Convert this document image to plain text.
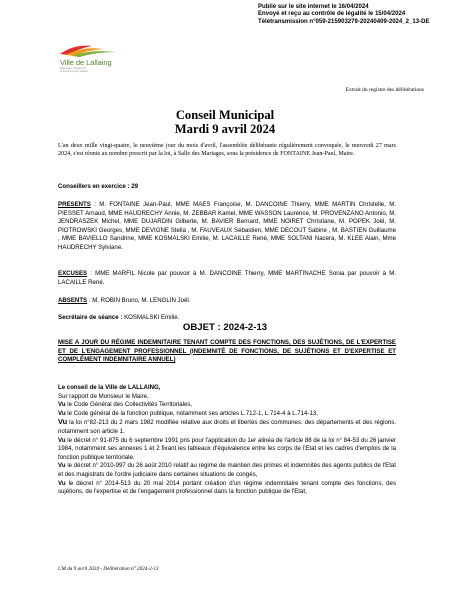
Ville de Lallaing
Ensemble, préservons
et innovons pour l'avenir
Publié sur le site internet le 16/04/2024
Envoyé et reçu au contrôle de légalité le 15/04/2024
Télétransmission n°059-215903279-20240409-2024_2_13-DE
Extrait du registre des délibérations
Conseil Municipal
Mardi 9 avril 2024
L'an deux mille vingt-quatre, le neuvième jour du mois d'avril, l'assemblée délibérante régulièrement convoquée, le mercredi 27 mars 2024, s'est réunie au nombre prescrit par la loi, à Salle des Mariages, sous la présidence de FONTAINE Jean-Paul, Maire.
Conseillers en exercice : 29
PRESENTS : M. FONTAINE Jean-Paul, MME MAES Françoise, M. DANCOINE Thierry, MME MARTIN Christelle, M. PIESSET Arnaud, MME HAUDRECHY Annie, M. ZEBBAR Kamel, MME WASSON Laurence, M. PROVENZANO Antonio, M. JENDRASZEK Michel, MME DUJARDIN Gilberte, M. BAVIER Bernard, MME NOIRET Christiane, M. POPEK Joël, M. PIOTROWSKI Georges, MME DEVIGNE Stella , M. FAUVEAUX Sébastien, MME DECOUT Sabine , M. BASTIEN Guillaume , MME BAVIELLO Sandrine, MME KOSMALSKI Emilie, M. LACAILLE René, MME SOLTANI Nacera, M. KLEE Alain, Mme HAUDRECHY Sylviane.
EXCUSES : MME MARFIL Nicole par pouvoir à M. DANCOINE Thierry, MME MARTINACHE Sonia par pouvoir à M. LACAILLE René.
ABSENTS : M. ROBIN Bruno, M. LENGLIN Joël.
Secrétaire de séance : KOSMALSKI Emilie.
OBJET : 2024-2-13
MISE A JOUR DU RÉGIME INDEMNITAIRE TENANT COMPTE DES FONCTIONS, DES SUJÉTIONS, DE L'EXPERTISE ET DE L'ENGAGEMENT PROFESSIONNEL (INDEMNITÉ DE FONCTIONS, DE SUJÉTIONS ET D'EXPERTISE ET COMPLÉMENT INDEMNITAIRE ANNUEL)

Le conseil de la Ville de LALLAING,

Sur rapport de Monsieur le Maire,

Vu le Code Général des Collectivités Territoriales,

Vu le Code général de la fonction publique, notamment ses articles L.712-1, L.714-4 à L.714-13,

Vu la loi n°82-213 du 2 mars 1982 modifiée relative aux droits et libertés des communes. des départements et des régions. notamment son article 1.

Vu le décret n° 91-875 du 6 septembre 1991 pris pour l'application du 1er alinéa de l'article 88 de la loi n° 84-53 du 26 janvier 1984, notamment ses annexes 1 et 2 fixant les tableaux d'équivalence entre les corps de l'Etat et les cadres d'emplois de la fonction publique territoriale.

Vu le décret n° 2010-997 du 26 août 2010 relatif au régime de maintien des primes et indemnités des agents publics de l'Etat et des magistrats de l'ordre judiciaire dans certaines situations de congés,

Vu le décret n° 2014-513 du 20 mai 2014 portant création d'un régime indemnitaire tenant compte des fonctions, des sujétions, de l'expertise et de l'engagement professionnel dans la fonction publique de l'Etat,

CM du 9 avril 2024 - Délibération n° 2024-2-13
